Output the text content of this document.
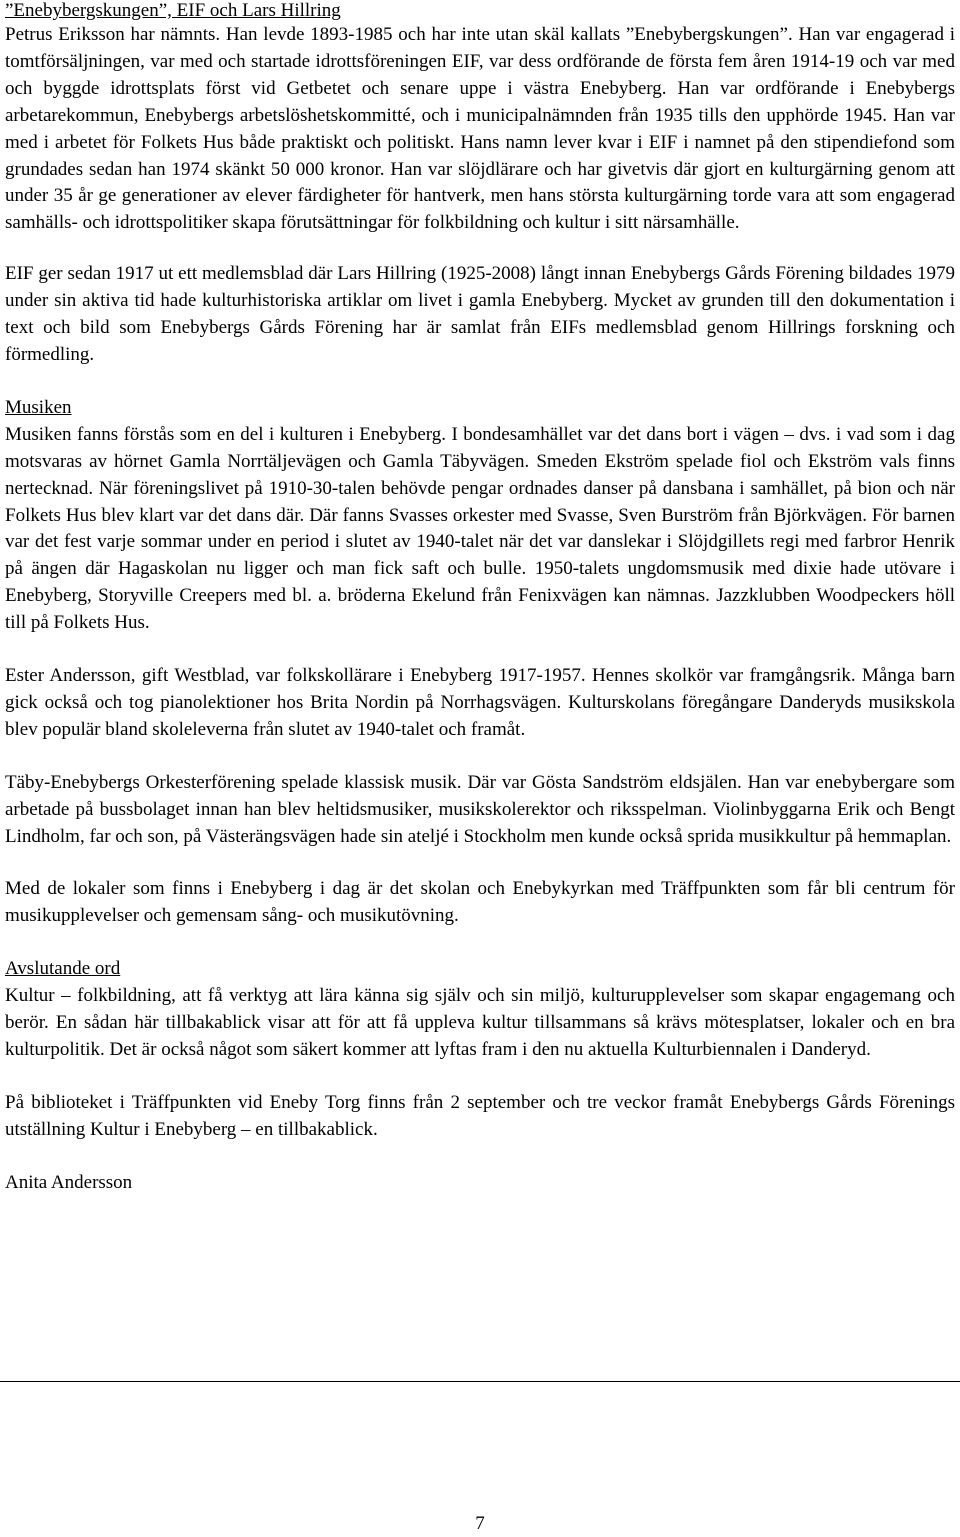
”Enebybergskungen”, EIF och Lars Hillring

Petrus Eriksson har nämnts. Han levde 1893-1985 och har inte utan skäl kallats ”Enebybergskungen”. Han var engagerad i tomtförsäljningen, var med och startade idrottsföreningen EIF, var dess ordförande de första fem åren 1914-19 och var med och byggde idrottsplats först vid Getbetet och senare uppe i västra Enebyberg. Han var ordförande i Enebybergs arbetarekommun, Enebybergs arbetslöshetskommitté, och i municipalnämnden från 1935 tills den upphörde 1945. Han var med i arbetet för Folkets Hus både praktiskt och politiskt. Hans namn lever kvar i EIF i namnet på den stipendiefond som grundades sedan han 1974 skänkt 50 000 kronor. Han var slöjdlärare och har givetvis där gjort en kulturgärning genom att under 35 år ge generationer av elever färdigheter för hantverk, men hans största kulturgärning torde vara att som engagerad samhälls- och idrottspolitiker skapa förutsättningar för folkbildning och kultur i sitt närsamhälle.

EIF ger sedan 1917 ut ett medlemsblad där Lars Hillring (1925-2008) långt innan Enebybergs Gårds Förening bildades 1979 under sin aktiva tid hade kulturhistoriska artiklar om livet i gamla Enebyberg. Mycket av grunden till den dokumentation i text och bild som Enebybergs Gårds Förening har är samlat från EIFs medlemsblad genom Hillrings forskning och förmedling.

Musiken

Musiken fanns förstås som en del i kulturen i Enebyberg. I bondesamhället var det dans bort i vägen – dvs. i vad som i dag motsvaras av hörnet Gamla Norrtäljevägen och Gamla Täbyvägen. Smeden Ekström spelade fiol och Ekström vals finns nertecknad. När föreningslivet på 1910-30-talen behövde pengar ordnades danser på dansbana i samhället, på bion och när Folkets Hus blev klart var det dans där. Där fanns Svasses orkester med Svasse, Sven Burström från Björkvägen. För barnen var det fest varje sommar under en period i slutet av 1940-talet när det var danslekar i Slöjdgillets regi med farbror Henrik på ängen där Hagaskolan nu ligger och man fick saft och bulle. 1950-talets ungdomsmusik med dixie hade utövare i Enebyberg, Storyville Creepers med bl. a. bröderna Ekelund från Fenixvägen kan nämnas. Jazzklubben Woodpeckers höll till på Folkets Hus.

Ester Andersson, gift Westblad, var folkskollärare i Enebyberg 1917-1957. Hennes skolkör var framgångsrik. Många barn gick också och tog pianolektioner hos Brita Nordin på Norrhagsvägen. Kulturskolans föregångare Danderyds musikskola blev populär bland skoleleverna från slutet av 1940-talet och framåt.

Täby-Enebybergs Orkesterförening spelade klassisk musik. Där var Gösta Sandström eldsjälen. Han var enebybergare som arbetade på bussbolaget innan han blev heltidsmusiker, musikskolerektor och riksspelman. Violinbyggarna Erik och Bengt Lindholm, far och son, på Västerängsvägen hade sin ateljé i Stockholm men kunde också sprida musikkultur på hemmaplan.

Med de lokaler som finns i Enebyberg i dag är det skolan och Enebykyrkan med Träffpunkten som får bli centrum för musikupplevelser och gemensam sång- och musikutövning.

Avslutande ord

Kultur – folkbildning, att få verktyg att lära känna sig själv och sin miljö, kulturupplevelser som skapar engagemang och berör. En sådan här tillbakablick visar att för att få uppleva kultur tillsammans så krävs mötesplatser, lokaler och en bra kulturpolitik. Det är också något som säkert kommer att lyftas fram i den nu aktuella Kulturbiennalen i Danderyd.

På biblioteket i Träffpunkten vid Eneby Torg finns från 2 september och tre veckor framåt Enebybergs Gårds Förenings utställning Kultur i Enebyberg – en tillbakablick.

Anita Andersson

7
